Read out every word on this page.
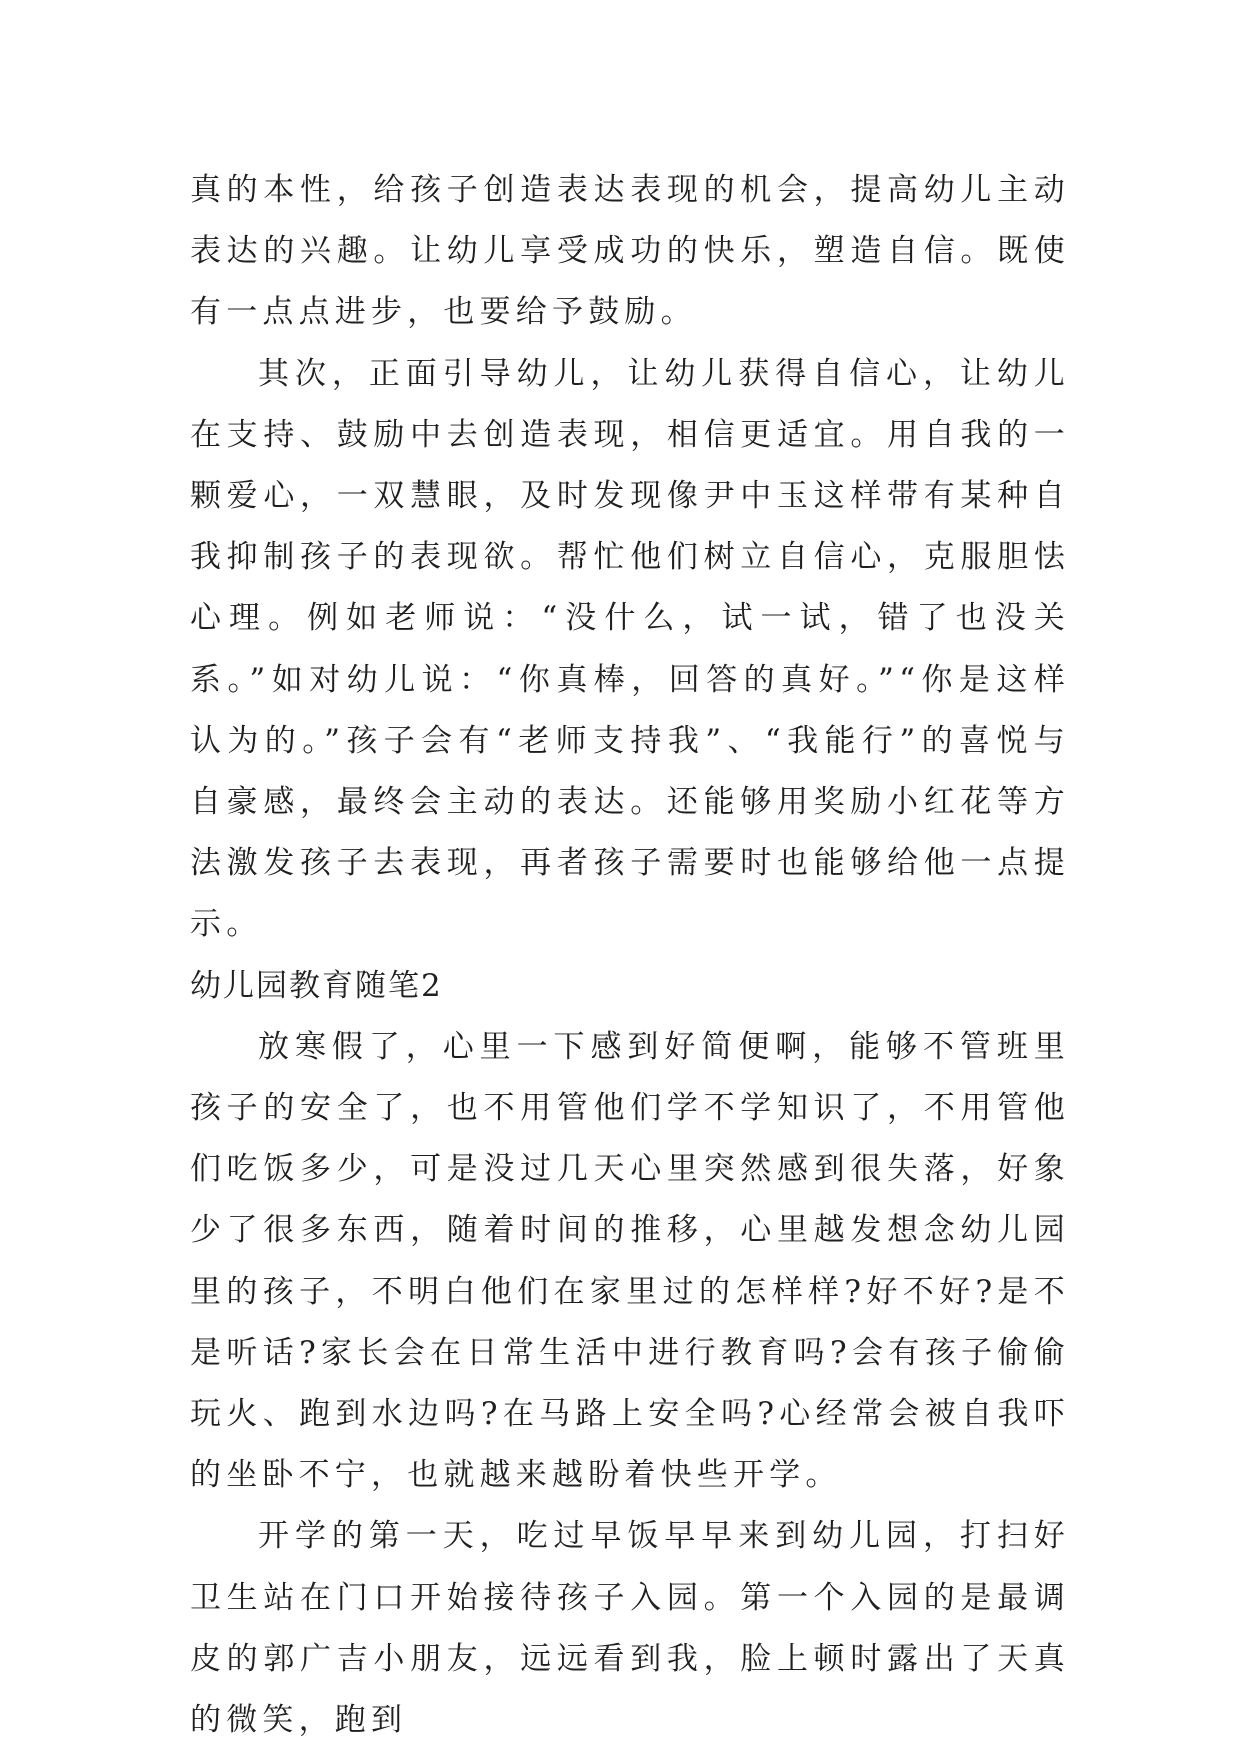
真的本性，给孩子创造表达表现的机会，提高幼儿主动表达的兴趣。让幼儿享受成功的快乐，塑造自信。既使有一点点进步，也要给予鼓励。

其次，正面引导幼儿，让幼儿获得自信心，让幼儿在支持、鼓励中去创造表现，相信更适宜。用自我的一颗爱心，一双慧眼，及时发现像尹中玉这样带有某种自我抑制孩子的表现欲。帮忙他们树立自信心，克服胆怯心理。例如老师说：“没什么，试一试，错了也没关系。”如对幼儿说：“你真棒，回答的真好。”“你是这样认为的。”孩子会有“老师支持我”、“我能行”的喜悦与自豪感，最终会主动的表达。还能够用奖励小红花等方法激发孩子去表现，再者孩子需要时也能够给他一点提示。

幼儿园教育随笔2

放寒假了，心里一下感到好简便啊，能够不管班里孩子的安全了，也不用管他们学不学知识了，不用管他们吃饭多少，可是没过几天心里突然感到很失落，好象少了很多东西，随着时间的推移，心里越发想念幼儿园里的孩子，不明白他们在家里过的怎样样?好不好?是不是听话?家长会在日常生活中进行教育吗?会有孩子偷偷玩火、跑到水边吗?在马路上安全吗?心经常会被自我吓的坐卧不宁，也就越来越盼着快些开学。

开学的第一天，吃过早饭早早来到幼儿园，打扫好卫生站在门口开始接待孩子入园。第一个入园的是最调皮的郭广吉小朋友，远远看到我，脸上顿时露出了天真的微笑，跑到
